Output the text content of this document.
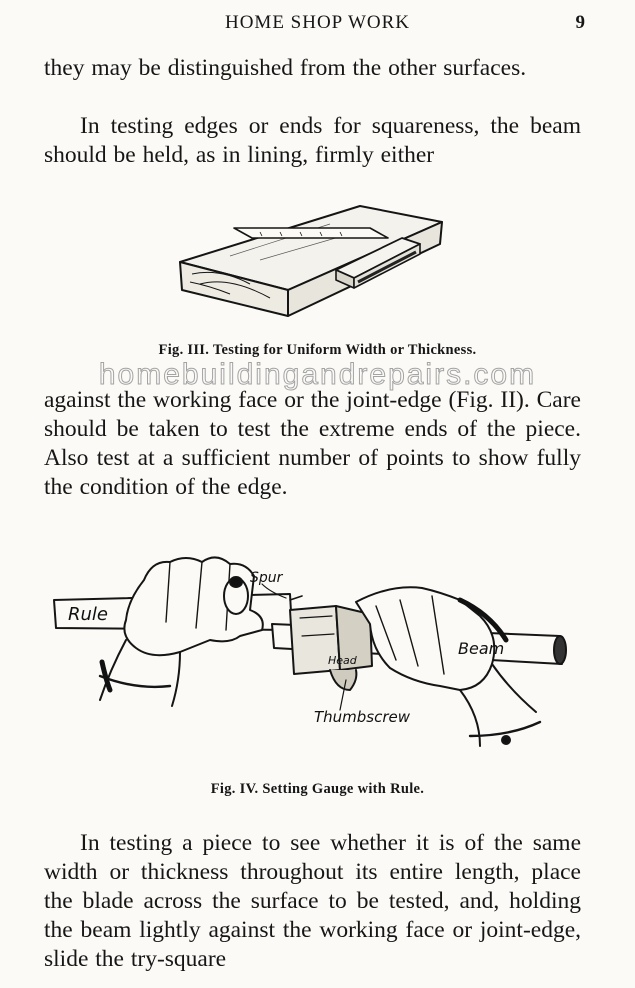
HOME SHOP WORK	9

they may be distinguished from the other surfaces.

In testing edges or ends for squareness, the beam should be held, as in lining, firmly either

Fig. III. Testing for Uniform Width or Thickness.
homebuildingandrepairs.com

against the working face or the joint-edge (Fig. II). Care should be taken to test the extreme ends of the piece. Also test at a sufficient number of points to show fully the condition of the edge.

Rule
Spur
Beam
Head
Thumbscrew
Fig. IV. Setting Gauge with Rule.

In testing a piece to see whether it is of the same width or thickness throughout its entire length, place the blade across the surface to be tested, and, holding the beam lightly against the working face or joint-edge, slide the try-square
